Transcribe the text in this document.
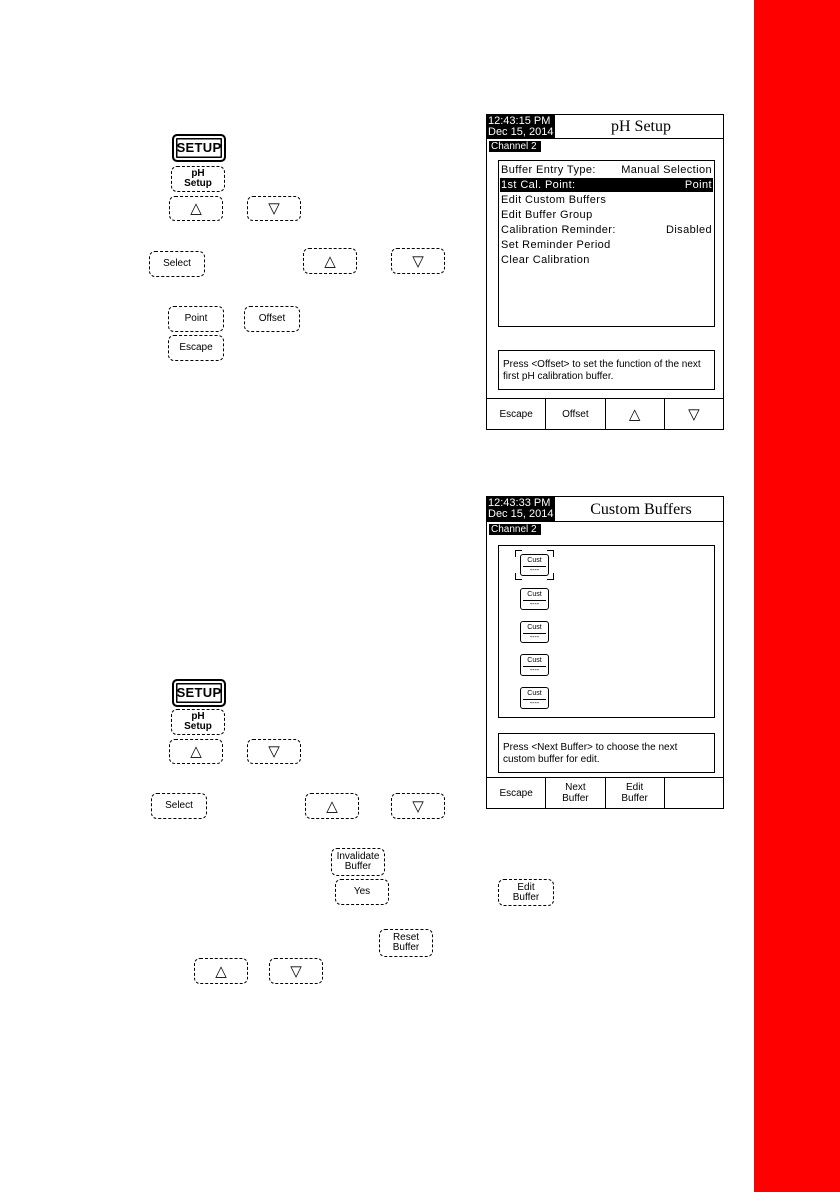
SETUP
pH
Setup
△	▽
Select	△	▽
Point	Offset
Escape
12:43:15 PM
Dec 15, 2014	pH Setup
Channel 2
Buffer Entry Type: Manual Selection
1st Cal. Point:	Point
Edit Custom Buffers
Edit Buffer Group
Calibration Reminder:	Disabled
Set Reminder Period
Clear Calibration
Press <Offset> to set the function of the next first pH calibration buffer.
Escape	Offset	△	▽
12:43:33 PM
Dec 15, 2014	Custom Buffers
Channel 2
Cust
----
Cust
----
Cust
----
Cust
----
Cust
----
Press <Next Buffer> to choose the next custom buffer for edit.
Escape	Next
Buffer
Edit
Buffer
SETUP
pH
Setup
△	▽
Select	△	▽
Invalidate
Buffer
Yes	Edit
Buffer
Reset
Buffer
△	▽
